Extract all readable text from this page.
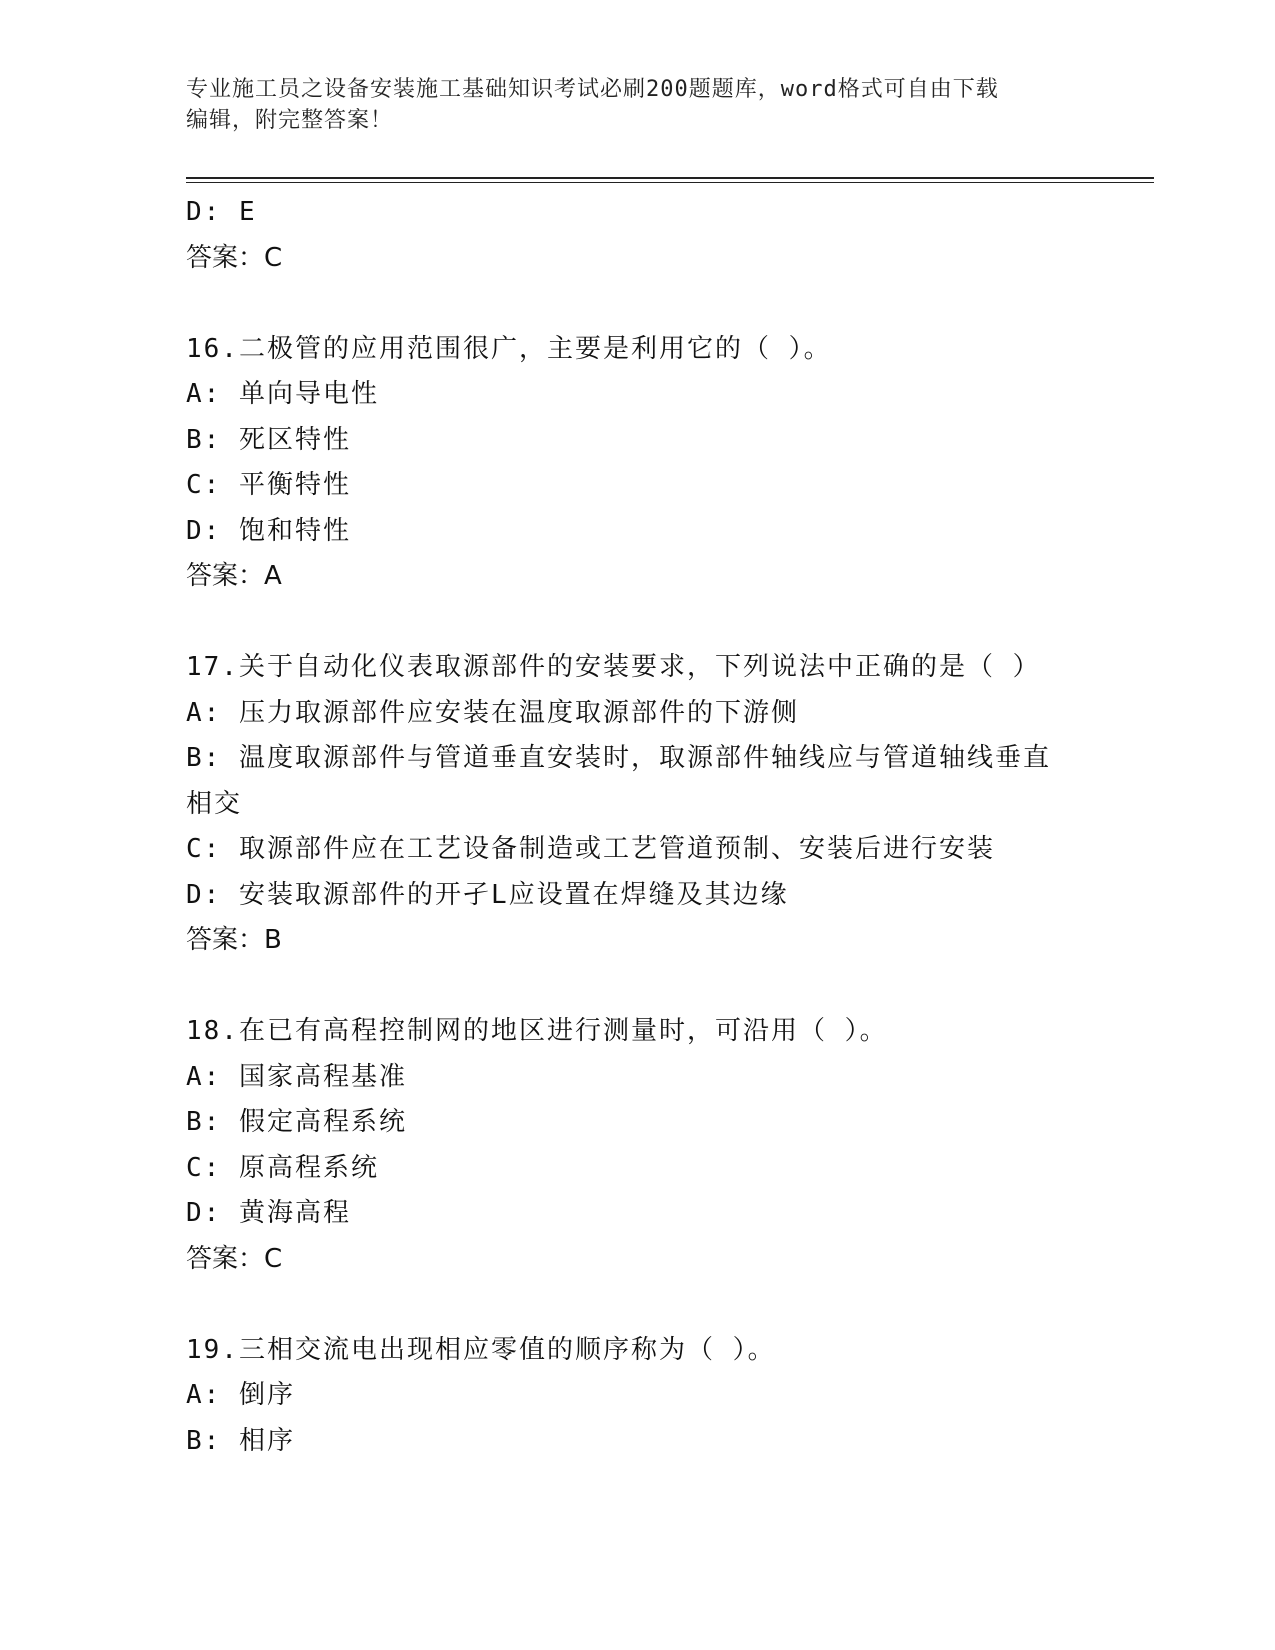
专业施工员之设备安装施工基础知识考试必刷200题题库，word格式可自由下载
编辑，附完整答案！
D: E
答案：C
16.二极管的应用范围很广，主要是利用它的（ ）。
A: 单向导电性
B: 死区特性
C: 平衡特性
D: 饱和特性
答案：A
17.关于自动化仪表取源部件的安装要求，下列说法中正确的是（ ）
A: 压力取源部件应安装在温度取源部件的下游侧
B: 温度取源部件与管道垂直安装时，取源部件轴线应与管道轴线垂直
相交
C: 取源部件应在工艺设备制造或工艺管道预制、安装后进行安装
D: 安装取源部件的开孑L应设置在焊缝及其边缘
答案：B
18.在已有高程控制网的地区进行测量时，可沿用（ ）。
A: 国家高程基准
B: 假定高程系统
C: 原高程系统
D: 黄海高程
答案：C
19.三相交流电出现相应零值的顺序称为（ ）。
A: 倒序
B: 相序
